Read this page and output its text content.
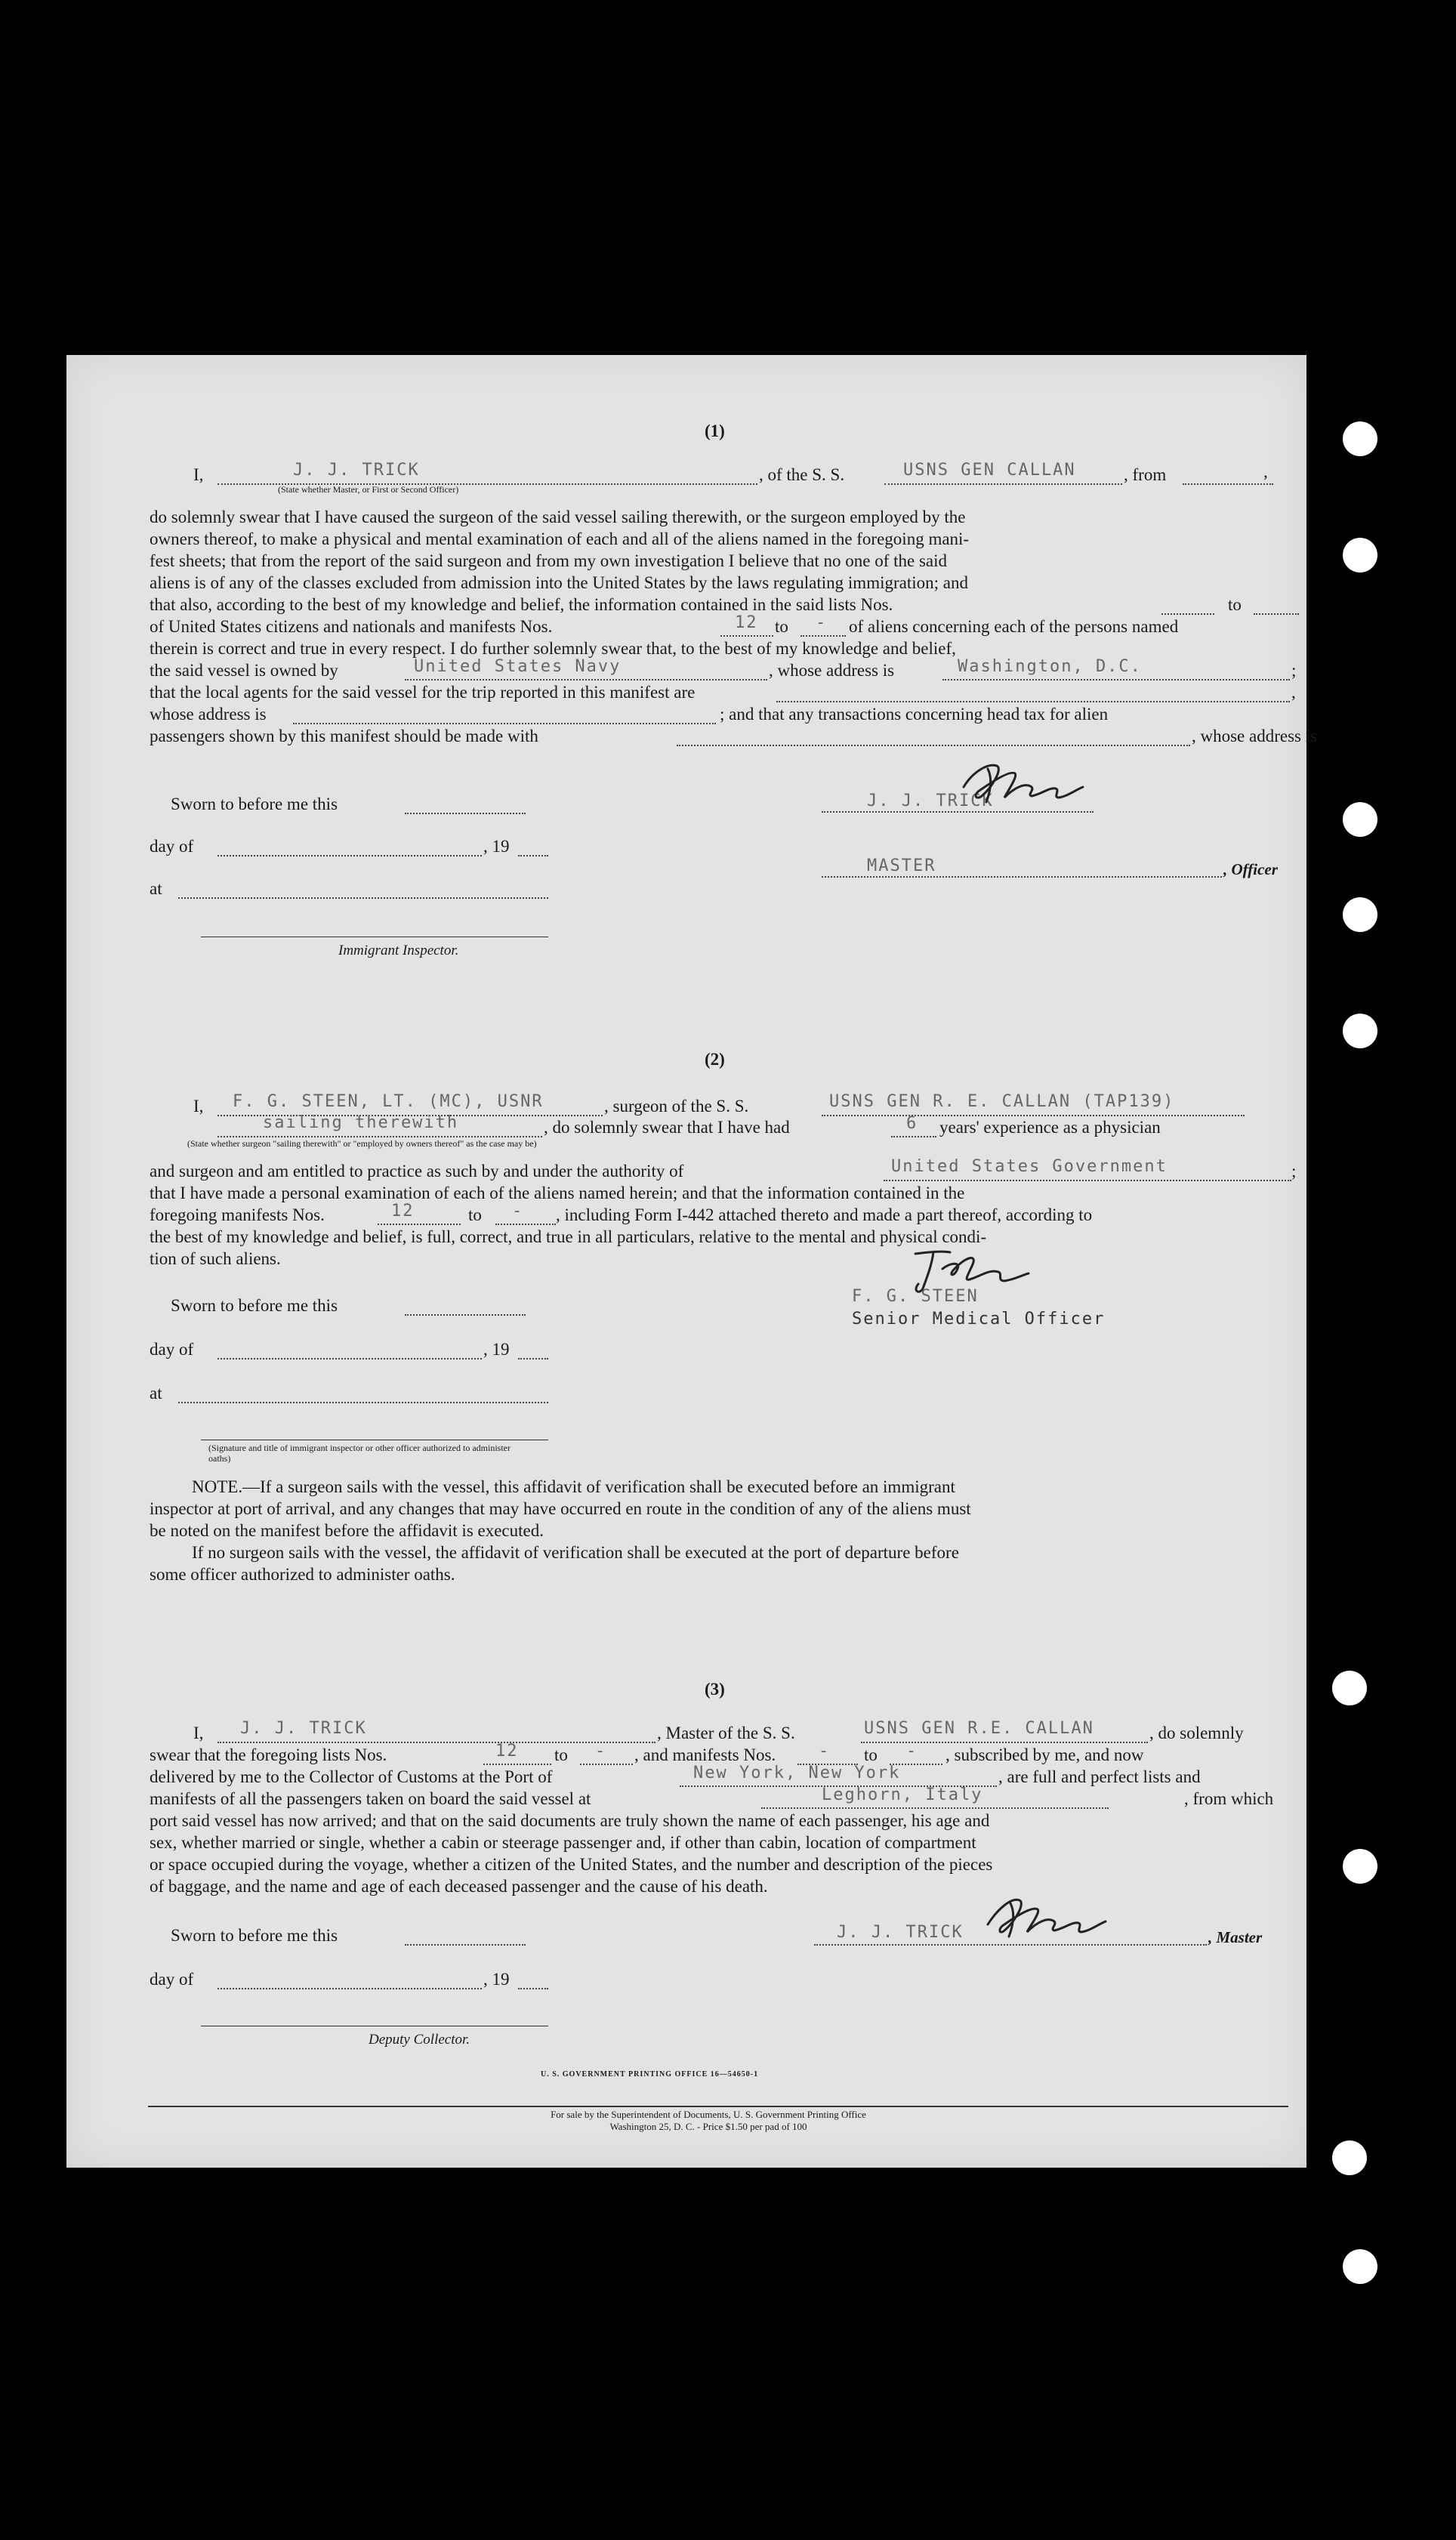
(1)
I,	J. J. TRICK
(State whether Master, or First or Second Officer)
, of the S. S.	USNS GEN CALLAN	, from	,
do solemnly swear that I have caused the surgeon of the said vessel sailing therewith, or the surgeon employed by the
owners thereof, to make a physical and mental examination of each and all of the aliens named in the foregoing mani-
fest sheets; that from the report of the said surgeon and from my own investigation I believe that no one of the said
aliens is of any of the classes excluded from admission into the United States by the laws regulating immigration; and
that also, according to the best of my knowledge and belief, the information contained in the said lists Nos.	to
of United States citizens and nationals and manifests Nos.	12 to - of aliens concerning each of the persons named
therein is correct and true in every respect. I do further solemnly swear that, to the best of my knowledge and belief,
the said vessel is owned by	United States Navy	, whose address is	Washington, D.C.	;
that the local agents for the said vessel for the trip reported in this manifest are	,
whose address is	; and that any transactions concerning head tax for alien
passengers shown by this manifest should be made with	, whose address is
Sworn to before me this
day of	, 19
at
Immigrant Inspector.
J. J. TRICK
MASTER	, Officer
(2)
I, F. G. STEEN, LT. (MC), USNR	, surgeon of the S. S.	USNS GEN R. E. CALLAN (TAP139)
sailing therewith
(State whether surgeon "sailing therewith" or "employed by owners thereof" as the case may be)
, do solemnly swear that I have had	6 years' experience as a physician
and surgeon and am entitled to practice as such by and under the authority of	United States Government	;
that I have made a personal examination of each of the aliens named herein; and that the information contained in the
foregoing manifests Nos.	12	to - , including Form I-442 attached thereto and made a part thereof, according to
the best of my knowledge and belief, is full, correct, and true in all particulars, relative to the mental and physical condi-
tion of such aliens.
Sworn to before me this
day of	, 19
at
(Signature and title of immigrant inspector or other officer authorized to administer oaths)
F. G. STEEN
Senior Medical Officer
NOTE.—If a surgeon sails with the vessel, this affidavit of verification shall be executed before an immigrant
inspector at port of arrival, and any changes that may have occurred en route in the condition of any of the aliens must
be noted on the manifest before the affidavit is executed.
If no surgeon sails with the vessel, the affidavit of verification shall be executed at the port of departure before
some officer authorized to administer oaths.
(3)
I, J. J. TRICK	, Master of the S. S.	USNS GEN R.E. CALLAN	, do solemnly
swear that the foregoing lists Nos.	12 to - , and manifests Nos.	- to - , subscribed by me, and now
delivered by me to the Collector of Customs at the Port of	New York, New York	, are full and perfect lists and
manifests of all the passengers taken on board the said vessel at	Leghorn, Italy	, from which
port said vessel has now arrived; and that on the said documents are truly shown the name of each passenger, his age and
sex, whether married or single, whether a cabin or steerage passenger and, if other than cabin, location of compartment
or space occupied during the voyage, whether a citizen of the United States, and the number and description of the pieces
of baggage, and the name and age of each deceased passenger and the cause of his death.
Sworn to before me this
day of	, 19
Deputy Collector.
J. J. TRICK	, Master
U. S. GOVERNMENT PRINTING OFFICE 16—54650-1
For sale by the Superintendent of Documents, U. S. Government Printing Office
Washington 25, D. C. - Price $1.50 per pad of 100
